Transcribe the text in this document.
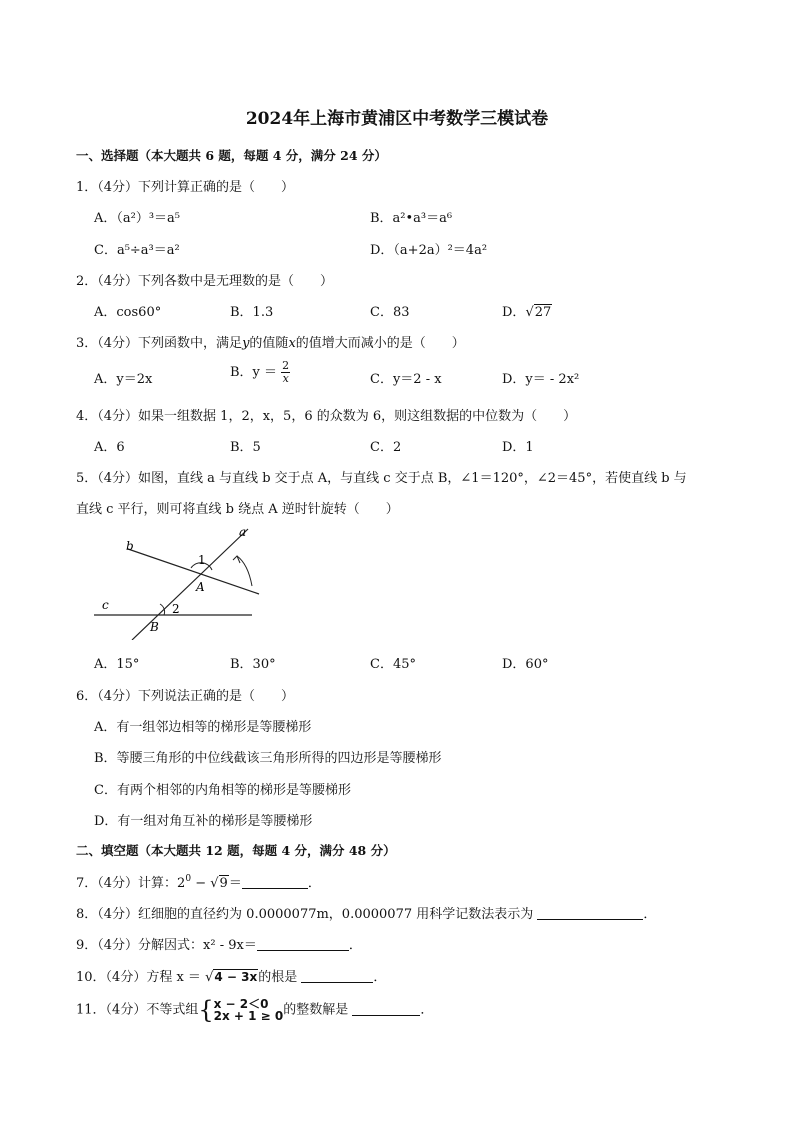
2024年上海市黄浦区中考数学三模试卷
一、选择题（本大题共 6 题，每题 4 分，满分 24 分）
1．（4分）下列计算正确的是（　　）
A．（a²）³＝a⁵	B．a²•a³＝a⁶
C．a⁵÷a³＝a²	D．（a+2a）²＝4a²
2．（4分）下列各数中是无理数的是（　　）
A．cos60°	B．1.3	C．83	D．√27
3．（4分）下列函数中，满足y的值随x的值增大而减小的是（　　）
A．y＝2x	B．$y = \frac{2}{x}$	C．y＝2 - x	D．y＝ - 2x²
4．（4分）如果一组数据 1，2，x，5，6 的众数为 6，则这组数据的中位数为（　　）
A．6	B．5	C．2	D．1
5．（4分）如图，直线 a 与直线 b 交于点 A，与直线 c 交于点 B，∠1＝120°，∠2＝45°，若使直线 b 与
直线 c 平行，则可将直线 b 绕点 A 逆时针旋转（　　）
a
b
c
A
B
1
2
A．15°	B．30°	C．45°	D．60°
6．（4分）下列说法正确的是（　　）
A．有一组邻边相等的梯形是等腰梯形
B．等腰三角形的中位线截该三角形所得的四边形是等腰梯形
C．有两个相邻的内角相等的梯形是等腰梯形
D．有一组对角互补的梯形是等腰梯形
二、填空题（本大题共 12 题，每题 4 分，满分 48 分）
7．（4分）计算：$2^0 - √9=$	．
8．（4分）红细胞的直径约为 0.0000077m，0.0000077 用科学记数法表示为	．
9．（4分）分解因式：x² - 9x＝	．
10．（4分）方程 x ＝ √4 − 3x的根是	．
11．（4分）不等式组{ x − 2＜0
2x + 1 ≥ 0 的整数解是	．
